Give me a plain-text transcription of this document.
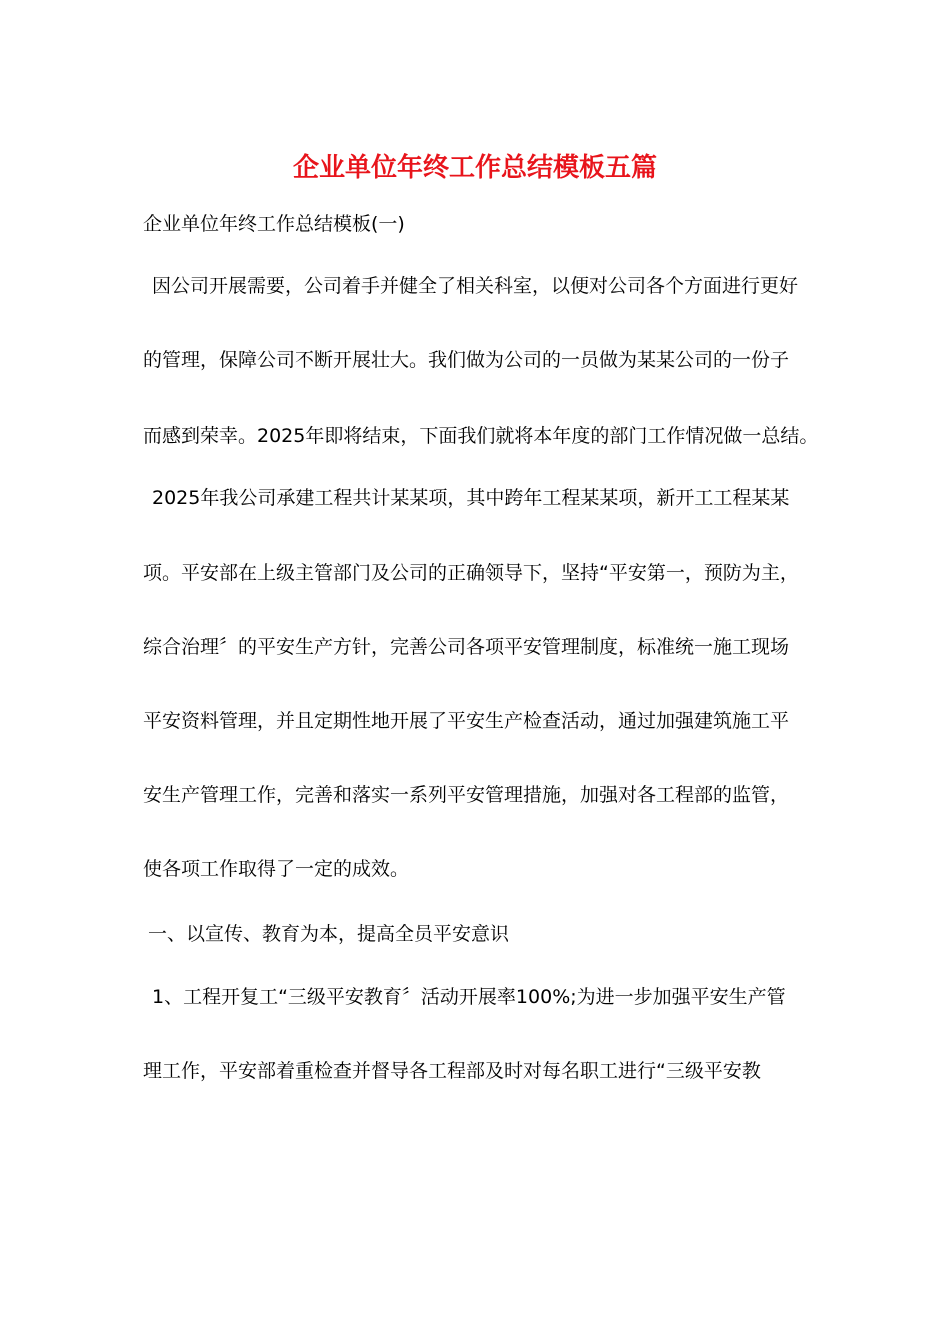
企业单位年终工作总结模板五篇
企业单位年终工作总结模板(一)
因公司开展需要，公司着手并健全了相关科室，以便对公司各个方面进行更好
的管理，保障公司不断开展壮大。我们做为公司的一员做为某某公司的一份子
而感到荣幸。2025年即将结束，下面我们就将本年度的部门工作情况做一总结。
2025年我公司承建工程共计某某项，其中跨年工程某某项，新开工工程某某
项。平安部在上级主管部门及公司的正确领导下，坚持“平安第一，预防为主，
综合治理〞的平安生产方针，完善公司各项平安管理制度，标准统一施工现场
平安资料管理，并且定期性地开展了平安生产检查活动，通过加强建筑施工平
安生产管理工作，完善和落实一系列平安管理措施，加强对各工程部的监管，
使各项工作取得了一定的成效。
一、以宣传、教育为本，提高全员平安意识
1、工程开复工“三级平安教育〞活动开展率100%;为进一步加强平安生产管
理工作，平安部着重检查并督导各工程部及时对每名职工进行“三级平安教
